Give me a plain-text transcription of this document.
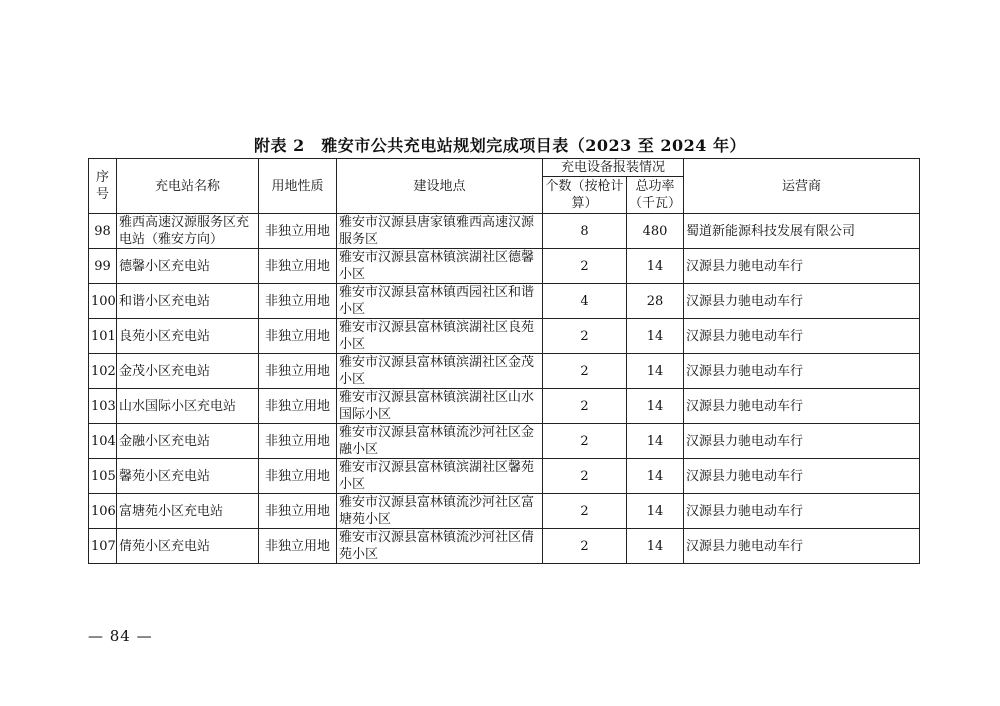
附表 2　雅安市公共充电站规划完成项目表（2023 至 2024 年）
序号	充电站名称	用地性质	建设地点	充电设备报装情况		运营商
				个数（按枪计算）	总功率（千瓦）	
98	雅西高速汉源服务区充电站（雅安方向）	非独立用地	雅安市汉源县唐家镇雅西高速汉源服务区	8	480	蜀道新能源科技发展有限公司
99	德馨小区充电站	非独立用地	雅安市汉源县富林镇滨湖社区德馨小区	2	14	汉源县力驰电动车行
100	和谐小区充电站	非独立用地	雅安市汉源县富林镇西园社区和谐小区	4	28	汉源县力驰电动车行
101	良苑小区充电站	非独立用地	雅安市汉源县富林镇滨湖社区良苑小区	2	14	汉源县力驰电动车行
102	金茂小区充电站	非独立用地	雅安市汉源县富林镇滨湖社区金茂小区	2	14	汉源县力驰电动车行
103	山水国际小区充电站	非独立用地	雅安市汉源县富林镇滨湖社区山水国际小区	2	14	汉源县力驰电动车行
104	金融小区充电站	非独立用地	雅安市汉源县富林镇流沙河社区金融小区	2	14	汉源县力驰电动车行
105	馨苑小区充电站	非独立用地	雅安市汉源县富林镇滨湖社区馨苑小区	2	14	汉源县力驰电动车行
106	富塘苑小区充电站	非独立用地	雅安市汉源县富林镇流沙河社区富塘苑小区	2	14	汉源县力驰电动车行
107	倩苑小区充电站	非独立用地	雅安市汉源县富林镇流沙河社区倩苑小区	2	14	汉源县力驰电动车行
— 84 —
